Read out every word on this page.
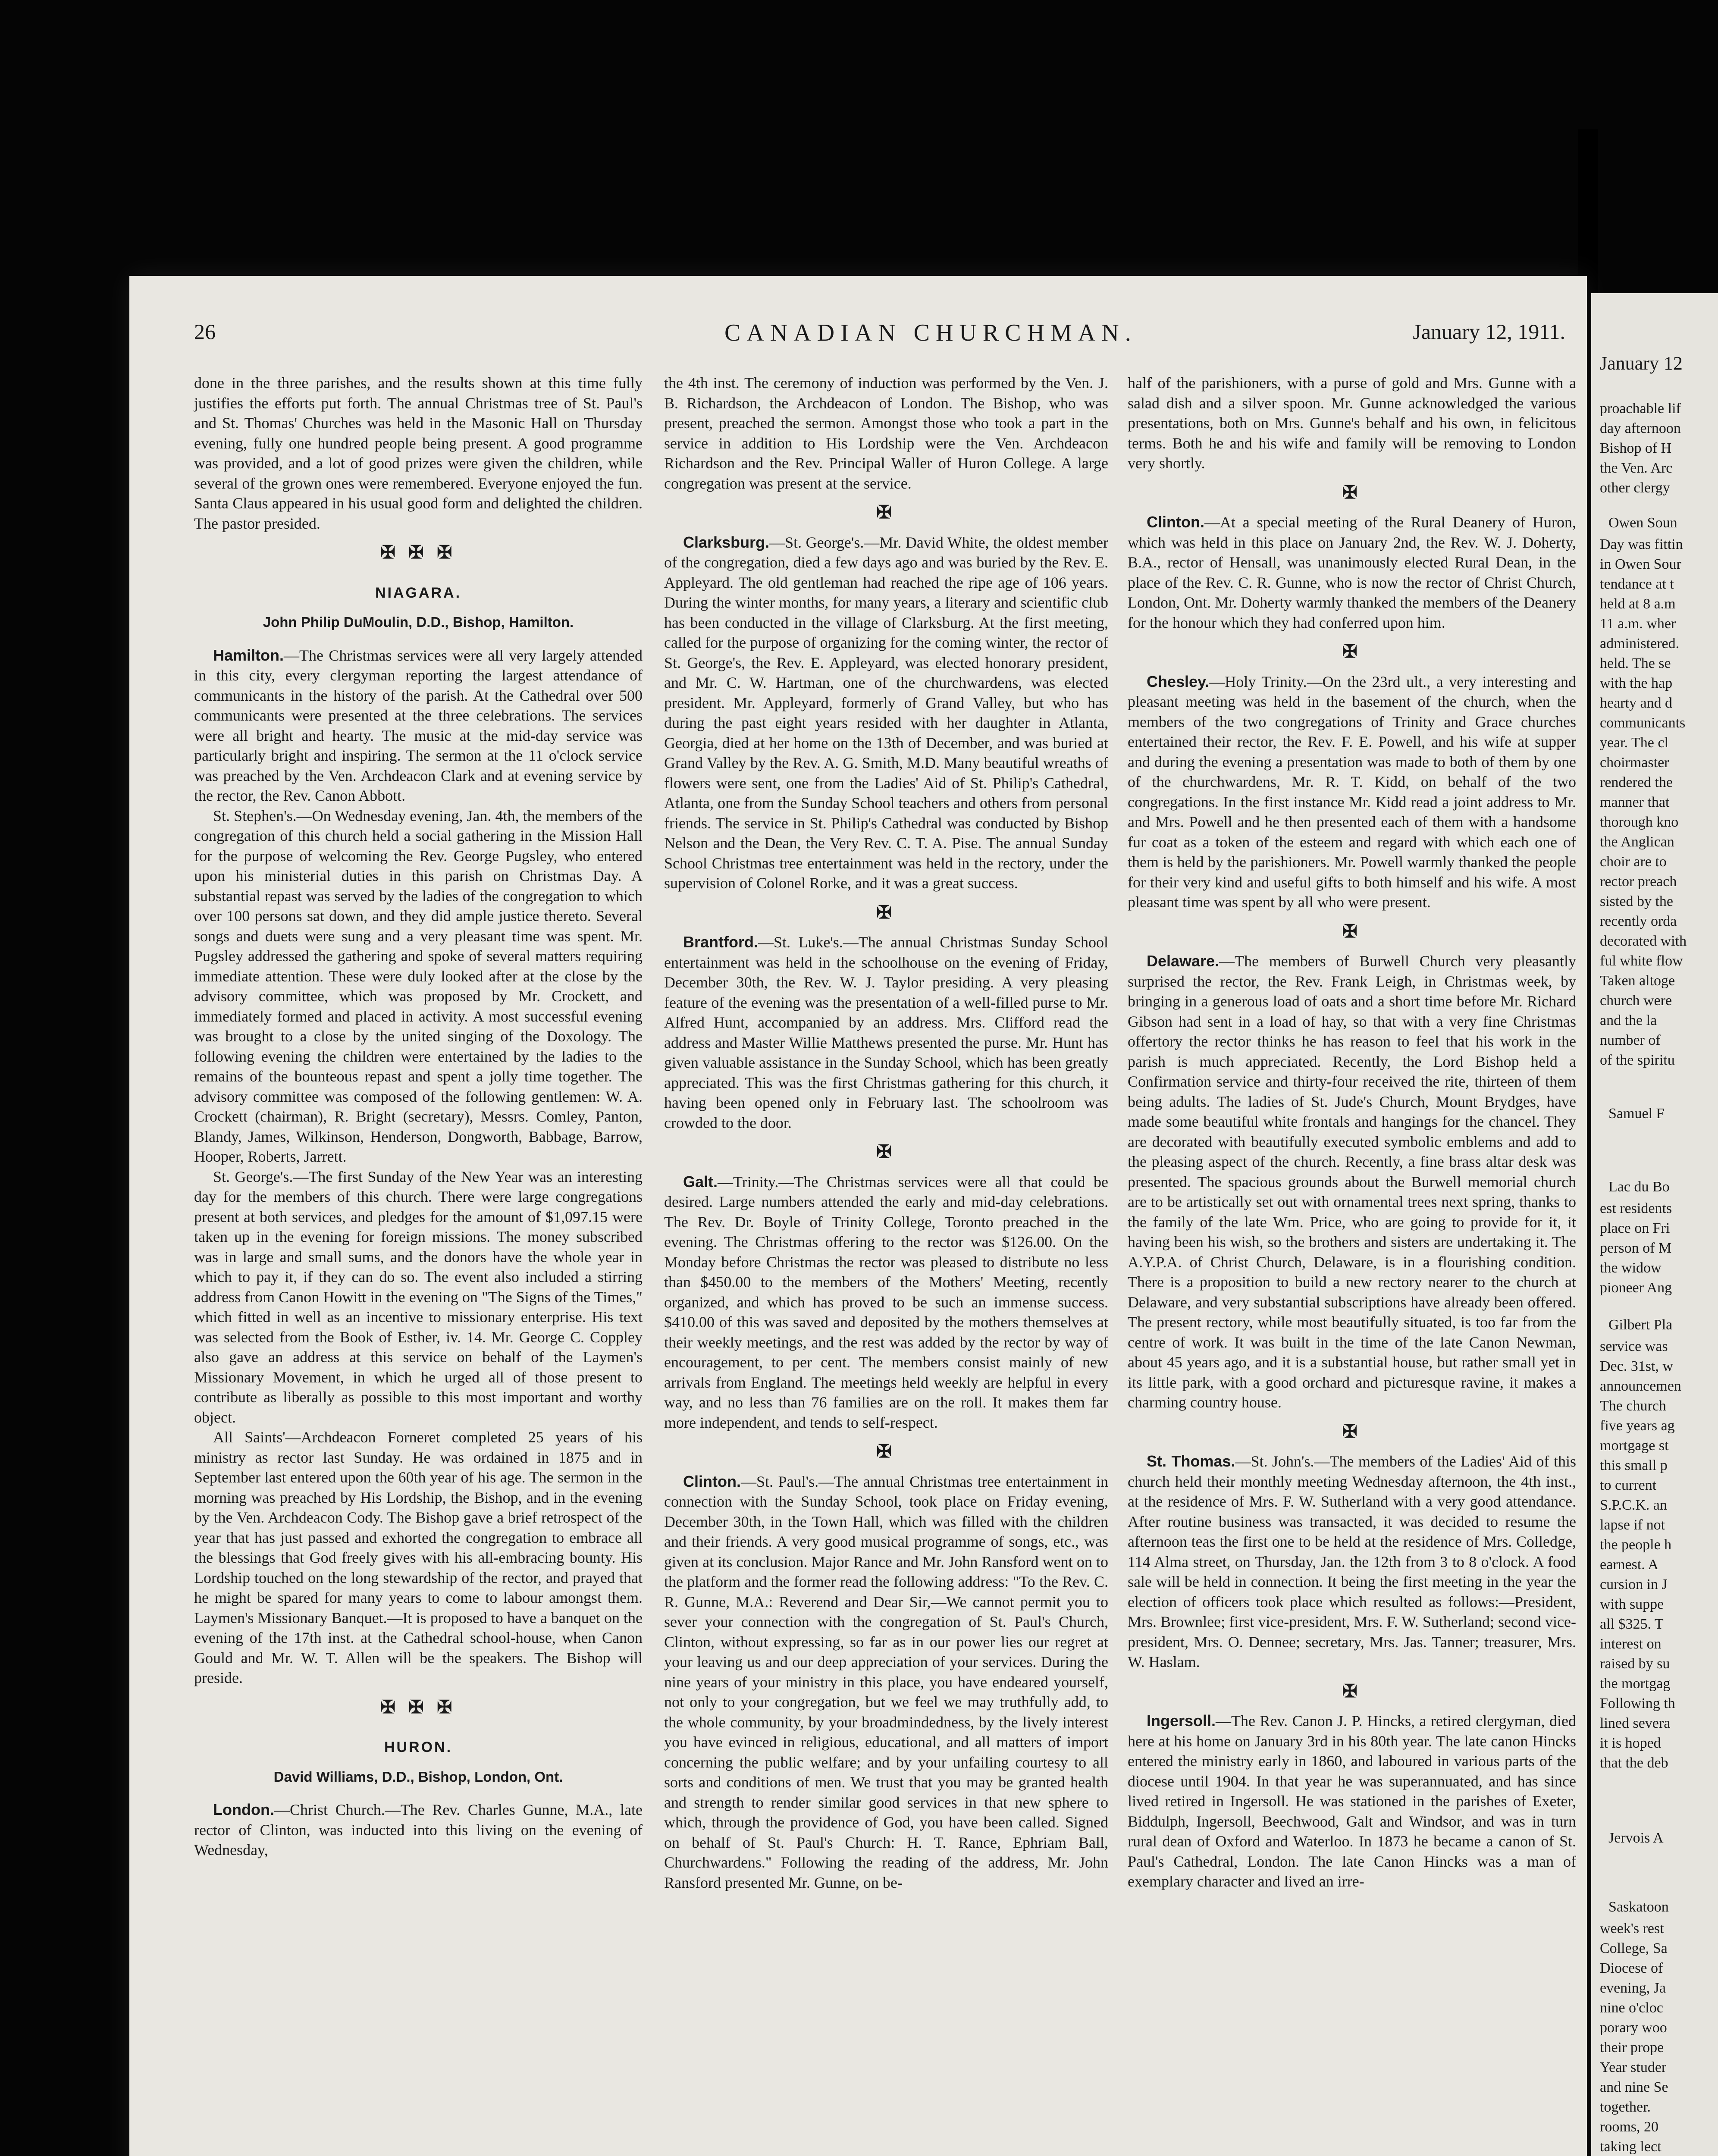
26	CANADIAN CHURCHMAN.	January 12, 1911.

done in the three parishes, and the results shown at this time fully justifies the efforts put forth. The annual Christmas tree of St. Paul's and St. Thomas' Churches was held in the Masonic Hall on Thursday evening, fully one hundred people being present. A good programme was provided, and a lot of good prizes were given the children, while several of the grown ones were remembered. Everyone enjoyed the fun. Santa Claus appeared in his usual good form and delighted the children. The pastor presided.

✠ ✠ ✠
NIAGARA.
John Philip DuMoulin, D.D., Bishop, Hamilton.

Hamilton.—The Christmas services were all very largely attended in this city, every clergyman reporting the largest attendance of communicants in the history of the parish. At the Cathedral over 500 communicants were presented at the three celebrations. The services were all bright and hearty. The music at the mid-day service was particularly bright and inspiring. The sermon at the 11 o'clock service was preached by the Ven. Archdeacon Clark and at evening service by the rector, the Rev. Canon Abbott.

St. Stephen's.—On Wednesday evening, Jan. 4th, the members of the congregation of this church held a social gathering in the Mission Hall for the purpose of welcoming the Rev. George Pugsley, who entered upon his ministerial duties in this parish on Christmas Day. A substantial repast was served by the ladies of the congregation to which over 100 persons sat down, and they did ample justice thereto. Several songs and duets were sung and a very pleasant time was spent. Mr. Pugsley addressed the gathering and spoke of several matters requiring immediate attention. These were duly looked after at the close by the advisory committee, which was proposed by Mr. Crockett, and immediately formed and placed in activity. A most successful evening was brought to a close by the united singing of the Doxology. The following evening the children were entertained by the ladies to the remains of the bounteous repast and spent a jolly time together. The advisory committee was composed of the following gentlemen: W. A. Crockett (chairman), R. Bright (secretary), Messrs. Comley, Panton, Blandy, James, Wilkinson, Henderson, Dongworth, Babbage, Barrow, Hooper, Roberts, Jarrett.

St. George's.—The first Sunday of the New Year was an interesting day for the members of this church. There were large congregations present at both services, and pledges for the amount of $1,097.15 were taken up in the evening for foreign missions. The money subscribed was in large and small sums, and the donors have the whole year in which to pay it, if they can do so. The event also included a stirring address from Canon Howitt in the evening on "The Signs of the Times," which fitted in well as an incentive to missionary enterprise. His text was selected from the Book of Esther, iv. 14. Mr. George C. Coppley also gave an address at this service on behalf of the Laymen's Missionary Movement, in which he urged all of those present to contribute as liberally as possible to this most important and worthy object.

All Saints'—Archdeacon Forneret completed 25 years of his ministry as rector last Sunday. He was ordained in 1875 and in September last entered upon the 60th year of his age. The sermon in the morning was preached by His Lordship, the Bishop, and in the evening by the Ven. Archdeacon Cody. The Bishop gave a brief retrospect of the year that has just passed and exhorted the congregation to embrace all the blessings that God freely gives with his all-embracing bounty. His Lordship touched on the long stewardship of the rector, and prayed that he might be spared for many years to come to labour amongst them. Laymen's Missionary Banquet.—It is proposed to have a banquet on the evening of the 17th inst. at the Cathedral school-house, when Canon Gould and Mr. W. T. Allen will be the speakers. The Bishop will preside.

✠ ✠ ✠
HURON.
David Williams, D.D., Bishop, London, Ont.

London.—Christ Church.—The Rev. Charles Gunne, M.A., late rector of Clinton, was inducted into this living on the evening of Wednesday,

the 4th inst. The ceremony of induction was performed by the Ven. J. B. Richardson, the Archdeacon of London. The Bishop, who was present, preached the sermon. Amongst those who took a part in the service in addition to His Lordship were the Ven. Archdeacon Richardson and the Rev. Principal Waller of Huron College. A large congregation was present at the service.

✠

Clarksburg.—St. George's.—Mr. David White, the oldest member of the congregation, died a few days ago and was buried by the Rev. E. Appleyard. The old gentleman had reached the ripe age of 106 years. During the winter months, for many years, a literary and scientific club has been conducted in the village of Clarksburg. At the first meeting, called for the purpose of organizing for the coming winter, the rector of St. George's, the Rev. E. Appleyard, was elected honorary president, and Mr. C. W. Hartman, one of the churchwardens, was elected president. Mr. Appleyard, formerly of Grand Valley, but who has during the past eight years resided with her daughter in Atlanta, Georgia, died at her home on the 13th of December, and was buried at Grand Valley by the Rev. A. G. Smith, M.D. Many beautiful wreaths of flowers were sent, one from the Ladies' Aid of St. Philip's Cathedral, Atlanta, one from the Sunday School teachers and others from personal friends. The service in St. Philip's Cathedral was conducted by Bishop Nelson and the Dean, the Very Rev. C. T. A. Pise. The annual Sunday School Christmas tree entertainment was held in the rectory, under the supervision of Colonel Rorke, and it was a great success.

✠

Brantford.—St. Luke's.—The annual Christmas Sunday School entertainment was held in the schoolhouse on the evening of Friday, December 30th, the Rev. W. J. Taylor presiding. A very pleasing feature of the evening was the presentation of a well-filled purse to Mr. Alfred Hunt, accompanied by an address. Mrs. Clifford read the address and Master Willie Matthews presented the purse. Mr. Hunt has given valuable assistance in the Sunday School, which has been greatly appreciated. This was the first Christmas gathering for this church, it having been opened only in February last. The schoolroom was crowded to the door.

✠

Galt.—Trinity.—The Christmas services were all that could be desired. Large numbers attended the early and mid-day celebrations. The Rev. Dr. Boyle of Trinity College, Toronto preached in the evening. The Christmas offering to the rector was $126.00. On the Monday before Christmas the rector was pleased to distribute no less than $450.00 to the members of the Mothers' Meeting, recently organized, and which has proved to be such an immense success. $410.00 of this was saved and deposited by the mothers themselves at their weekly meetings, and the rest was added by the rector by way of encouragement, to per cent. The members consist mainly of new arrivals from England. The meetings held weekly are helpful in every way, and no less than 76 families are on the roll. It makes them far more independent, and tends to self-respect.

✠

Clinton.—St. Paul's.—The annual Christmas tree entertainment in connection with the Sunday School, took place on Friday evening, December 30th, in the Town Hall, which was filled with the children and their friends. A very good musical programme of songs, etc., was given at its conclusion. Major Rance and Mr. John Ransford went on to the platform and the former read the following address: "To the Rev. C. R. Gunne, M.A.: Reverend and Dear Sir,—We cannot permit you to sever your connection with the congregation of St. Paul's Church, Clinton, without expressing, so far as in our power lies our regret at your leaving us and our deep appreciation of your services. During the nine years of your ministry in this place, you have endeared yourself, not only to your congregation, but we feel we may truthfully add, to the whole community, by your broadmindedness, by the lively interest you have evinced in religious, educational, and all matters of import concerning the public welfare; and by your unfailing courtesy to all sorts and conditions of men. We trust that you may be granted health and strength to render similar good services in that new sphere to which, through the providence of God, you have been called. Signed on behalf of St. Paul's Church: H. T. Rance, Ephriam Ball, Churchwardens." Following the reading of the address, Mr. John Ransford presented Mr. Gunne, on be-

half of the parishioners, with a purse of gold and Mrs. Gunne with a salad dish and a silver spoon. Mr. Gunne acknowledged the various presentations, both on Mrs. Gunne's behalf and his own, in felicitous terms. Both he and his wife and family will be removing to London very shortly.

✠

Clinton.—At a special meeting of the Rural Deanery of Huron, which was held in this place on January 2nd, the Rev. W. J. Doherty, B.A., rector of Hensall, was unanimously elected Rural Dean, in the place of the Rev. C. R. Gunne, who is now the rector of Christ Church, London, Ont. Mr. Doherty warmly thanked the members of the Deanery for the honour which they had conferred upon him.

✠

Chesley.—Holy Trinity.—On the 23rd ult., a very interesting and pleasant meeting was held in the basement of the church, when the members of the two congregations of Trinity and Grace churches entertained their rector, the Rev. F. E. Powell, and his wife at supper and during the evening a presentation was made to both of them by one of the churchwardens, Mr. R. T. Kidd, on behalf of the two congregations. In the first instance Mr. Kidd read a joint address to Mr. and Mrs. Powell and he then presented each of them with a handsome fur coat as a token of the esteem and regard with which each one of them is held by the parishioners. Mr. Powell warmly thanked the people for their very kind and useful gifts to both himself and his wife. A most pleasant time was spent by all who were present.

✠

Delaware.—The members of Burwell Church very pleasantly surprised the rector, the Rev. Frank Leigh, in Christmas week, by bringing in a generous load of oats and a short time before Mr. Richard Gibson had sent in a load of hay, so that with a very fine Christmas offertory the rector thinks he has reason to feel that his work in the parish is much appreciated. Recently, the Lord Bishop held a Confirmation service and thirty-four received the rite, thirteen of them being adults. The ladies of St. Jude's Church, Mount Brydges, have made some beautiful white frontals and hangings for the chancel. They are decorated with beautifully executed symbolic emblems and add to the pleasing aspect of the church. Recently, a fine brass altar desk was presented. The spacious grounds about the Burwell memorial church are to be artistically set out with ornamental trees next spring, thanks to the family of the late Wm. Price, who are going to provide for it, it having been his wish, so the brothers and sisters are undertaking it. The A.Y.P.A. of Christ Church, Delaware, is in a flourishing condition. There is a proposition to build a new rectory nearer to the church at Delaware, and very substantial subscriptions have already been offered. The present rectory, while most beautifully situated, is too far from the centre of work. It was built in the time of the late Canon Newman, about 45 years ago, and it is a substantial house, but rather small yet in its little park, with a good orchard and picturesque ravine, it makes a charming country house.

✠

St. Thomas.—St. John's.—The members of the Ladies' Aid of this church held their monthly meeting Wednesday afternoon, the 4th inst., at the residence of Mrs. F. W. Sutherland with a very good attendance. After routine business was transacted, it was decided to resume the afternoon teas the first one to be held at the residence of Mrs. Colledge, 114 Alma street, on Thursday, Jan. the 12th from 3 to 8 o'clock. A food sale will be held in connection. It being the first meeting in the year the election of officers took place which resulted as follows:—President, Mrs. Brownlee; first vice-president, Mrs. F. W. Sutherland; second vice-president, Mrs. O. Dennee; secretary, Mrs. Jas. Tanner; treasurer, Mrs. W. Haslam.

✠

Ingersoll.—The Rev. Canon J. P. Hincks, a retired clergyman, died here at his home on January 3rd in his 80th year. The late canon Hincks entered the ministry early in 1860, and laboured in various parts of the diocese until 1904. In that year he was superannuated, and has since lived retired in Ingersoll. He was stationed in the parishes of Exeter, Biddulph, Ingersoll, Beechwood, Galt and Windsor, and was in turn rural dean of Oxford and Waterloo. In 1873 he became a canon of St. Paul's Cathedral, London. The late Canon Hincks was a man of exemplary character and lived an irre-

January 12
proachable lif
day afternoon
Bishop of H
the Ven. Arc
other clergy
Owen Soun
Day was fittin
in Owen Sour
tendance at t
held at 8 a.m
11 a.m. wher
administered.
held. The se
with the hap
hearty and d
communicants
year. The cl
choirmaster
rendered the
manner that
thorough kno
the Anglican
choir are to
rector preach
sisted by the
recently orda
decorated with
ful white flow
Taken altoge
church were
and the la
number of
of the spiritu
Samuel F
Lac du Bo
est residents
place on Fri
person of M
the widow
pioneer Ang
Gilbert Pla
service was
Dec. 31st, w
announcemen
The church
five years ag
mortgage st
this small p
to current
S.P.C.K. an
lapse if not
the people h
earnest. A
cursion in J
with suppe
all $325. T
interest on
raised by su
the mortgag
Following th
lined severa
it is hoped
that the deb
Jervois A
Saskatoon
week's rest
College, Sa
Diocese of
evening, Ja
nine o'cloc
porary woo
their prope
Year studer
and nine Se
together.
rooms, 20
taking lect
